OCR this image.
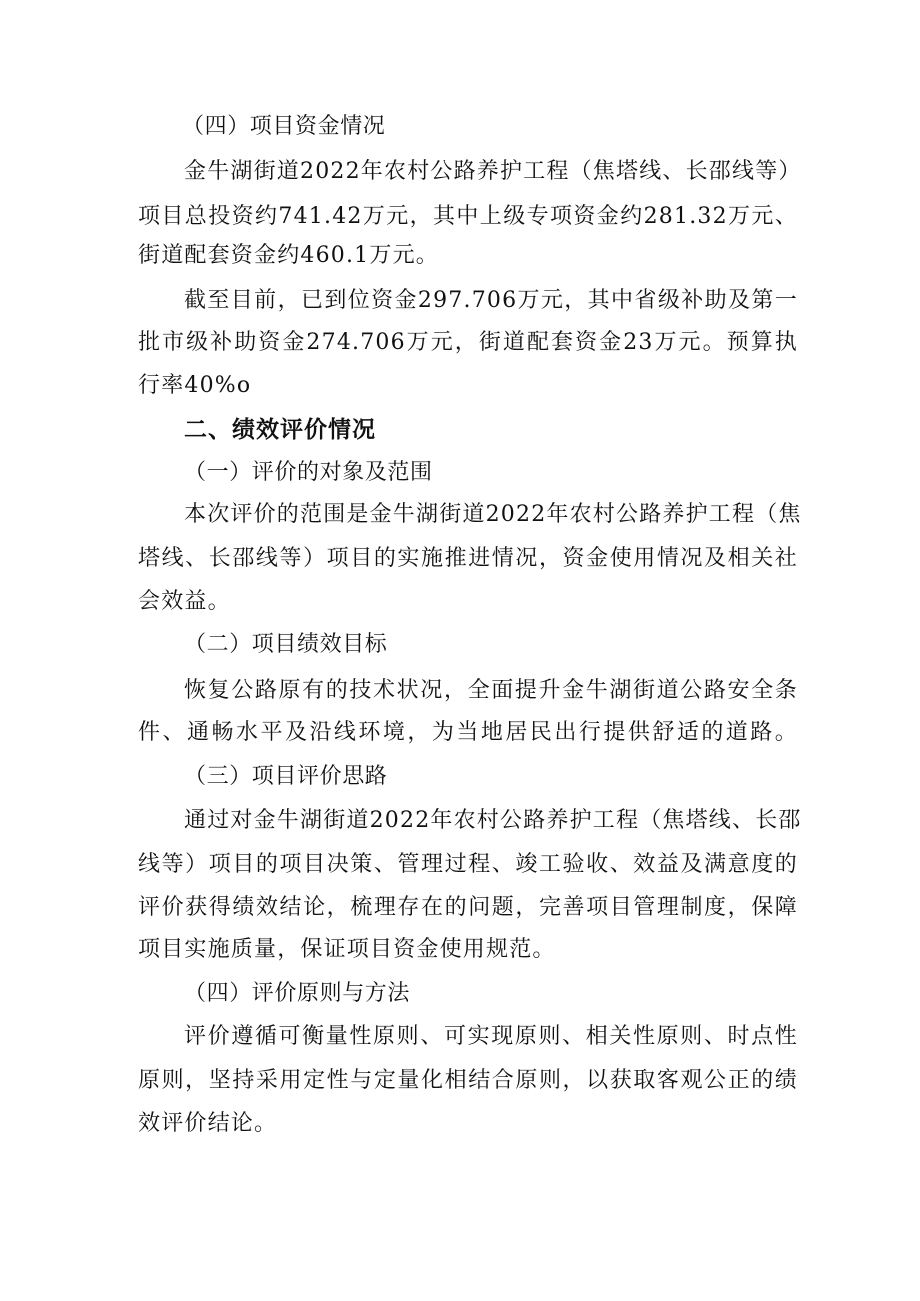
（四）项目资金情况
金牛湖街道2022年农村公路养护工程（焦塔线、长邵线等）
项目总投资约741.42万元，其中上级专项资金约281.32万元、
街道配套资金约460.1万元。
截至目前，已到位资金297.706万元，其中省级补助及第一
批市级补助资金274.706万元，街道配套资金23万元。预算执
行率40%o
二、绩效评价情况
（一）评价的对象及范围
本次评价的范围是金牛湖街道2022年农村公路养护工程（焦
塔线、长邵线等）项目的实施推进情况，资金使用情况及相关社
会效益。
（二）项目绩效目标
恢复公路原有的技术状况，全面提升金牛湖街道公路安全条
件、通畅水平及沿线环境，为当地居民出行提供舒适的道路。
（三）项目评价思路
通过对金牛湖街道2022年农村公路养护工程（焦塔线、长邵
线等）项目的项目决策、管理过程、竣工验收、效益及满意度的
评价获得绩效结论，梳理存在的问题，完善项目管理制度，保障
项目实施质量，保证项目资金使用规范。
（四）评价原则与方法
评价遵循可衡量性原则、可实现原则、相关性原则、时点性
原则，坚持采用定性与定量化相结合原则，以获取客观公正的绩
效评价结论。
